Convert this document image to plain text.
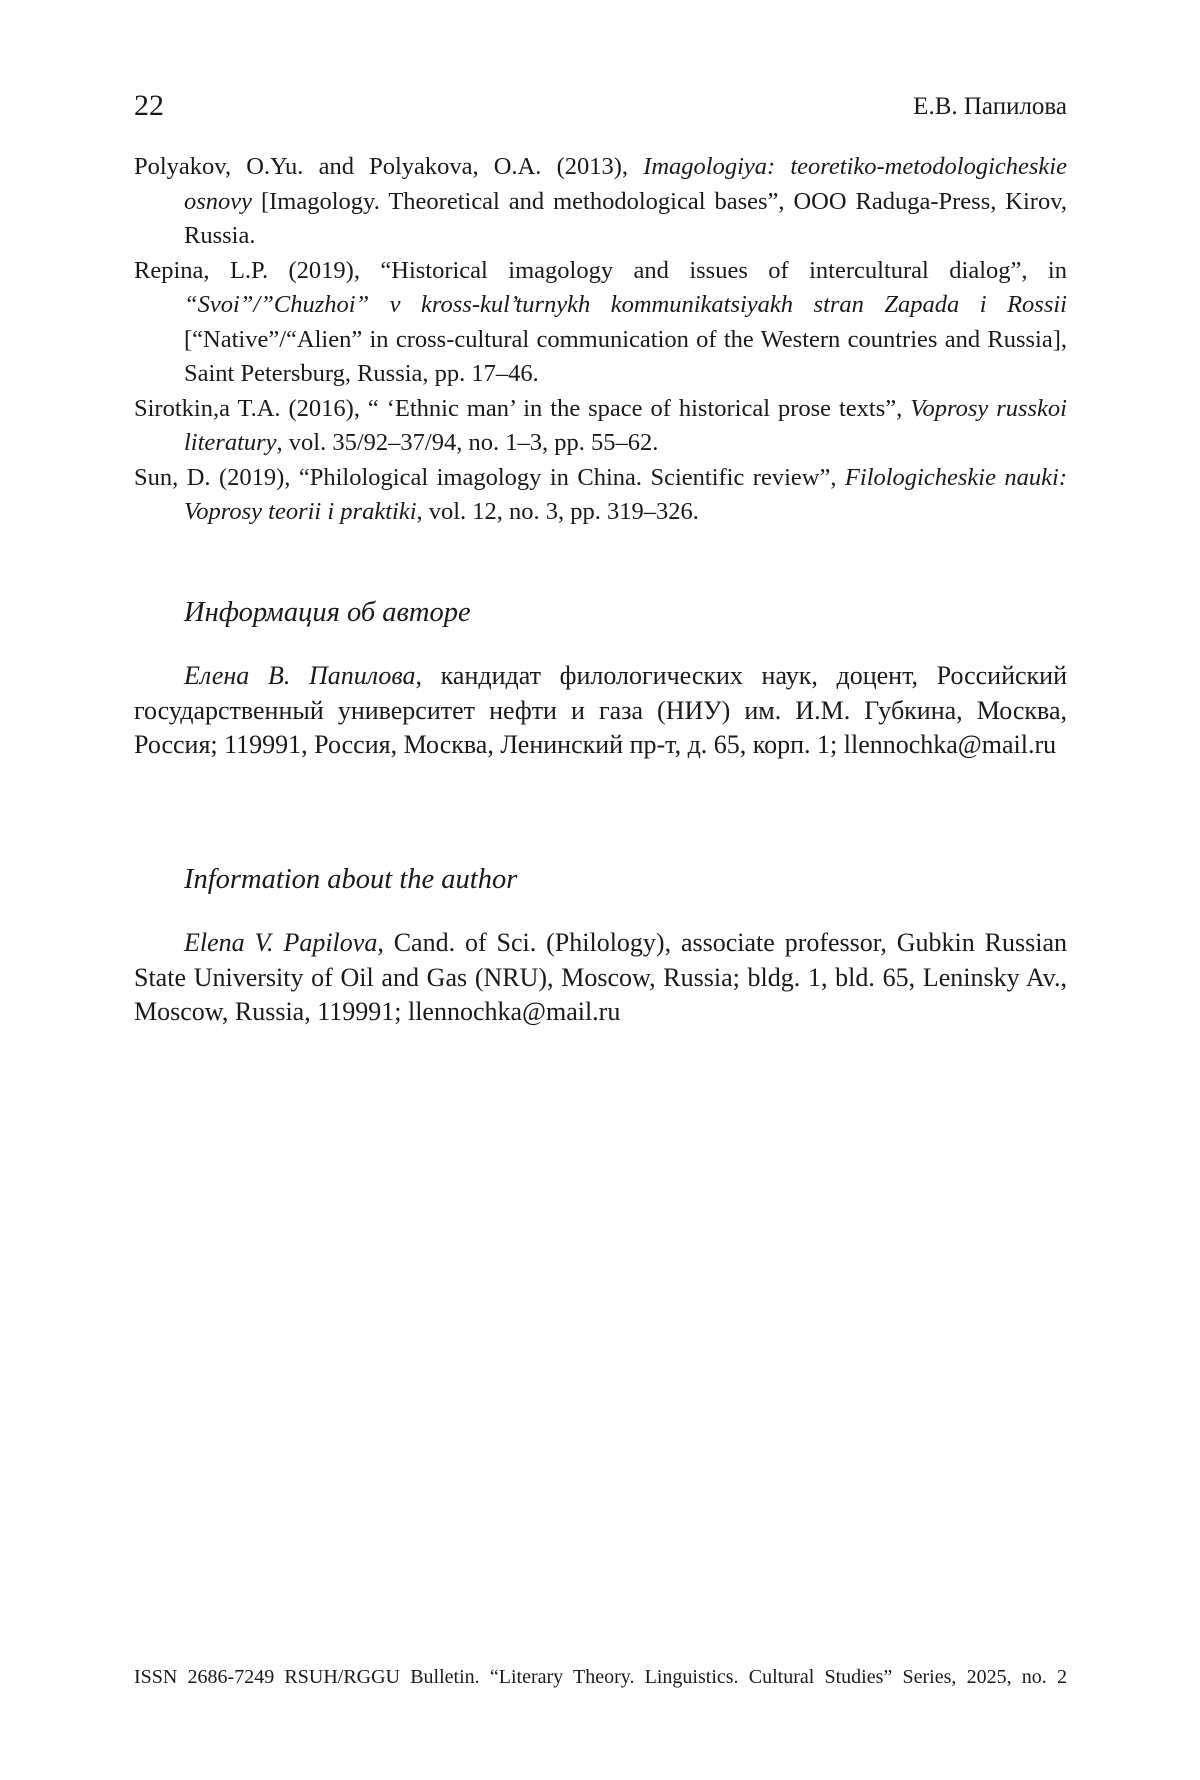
22	Е.В. Папилова

Polyakov, O.Yu. and Polyakova, O.A. (2013), Imagologiya: teoretiko-metodologicheskie osnovy [Imagology. Theoretical and methodological bases”, OOO Raduga-Press, Kirov, Russia.

Repina, L.P. (2019), “Historical imagology and issues of intercultural dialog”, in “Svoi”/”Chuzhoi” v kross-kul’turnykh kommunikatsiyakh stran Zapada i Rossii [“Native”/“Alien” in cross-cultural communication of the Western countries and Russia], Saint Petersburg, Russia, pp. 17–46.

Sirotkin,a T.A. (2016), “ ‘Ethnic man’ in the space of historical prose texts”, Voprosy russkoi literatury, vol. 35/92–37/94, no. 1–3, pp. 55–62.

Sun, D. (2019), “Philological imagology in China. Scientific review”, Filologicheskie nauki: Voprosy teorii i praktiki, vol. 12, no. 3, pp. 319–326.

Информация об авторе

Елена В. Папилова, кандидат филологических наук, доцент, Российский государственный университет нефти и газа (НИУ) им. И.М. Губкина, Москва, Россия; 119991, Россия, Москва, Ленинский пр-т, д. 65, корп. 1; llennochka@mail.ru

Information about the author

Elena V. Papilova, Cand. of Sci. (Philology), associate professor, Gubkin Russian State University of Oil and Gas (NRU), Moscow, Russia; bldg. 1, bld. 65, Leninsky Av., Moscow, Russia, 119991; llennochka@mail.ru

ISSN 2686-7249 RSUH/RGGU Bulletin. “Literary Theory. Linguistics. Cultural Studies” Series, 2025, no. 2
